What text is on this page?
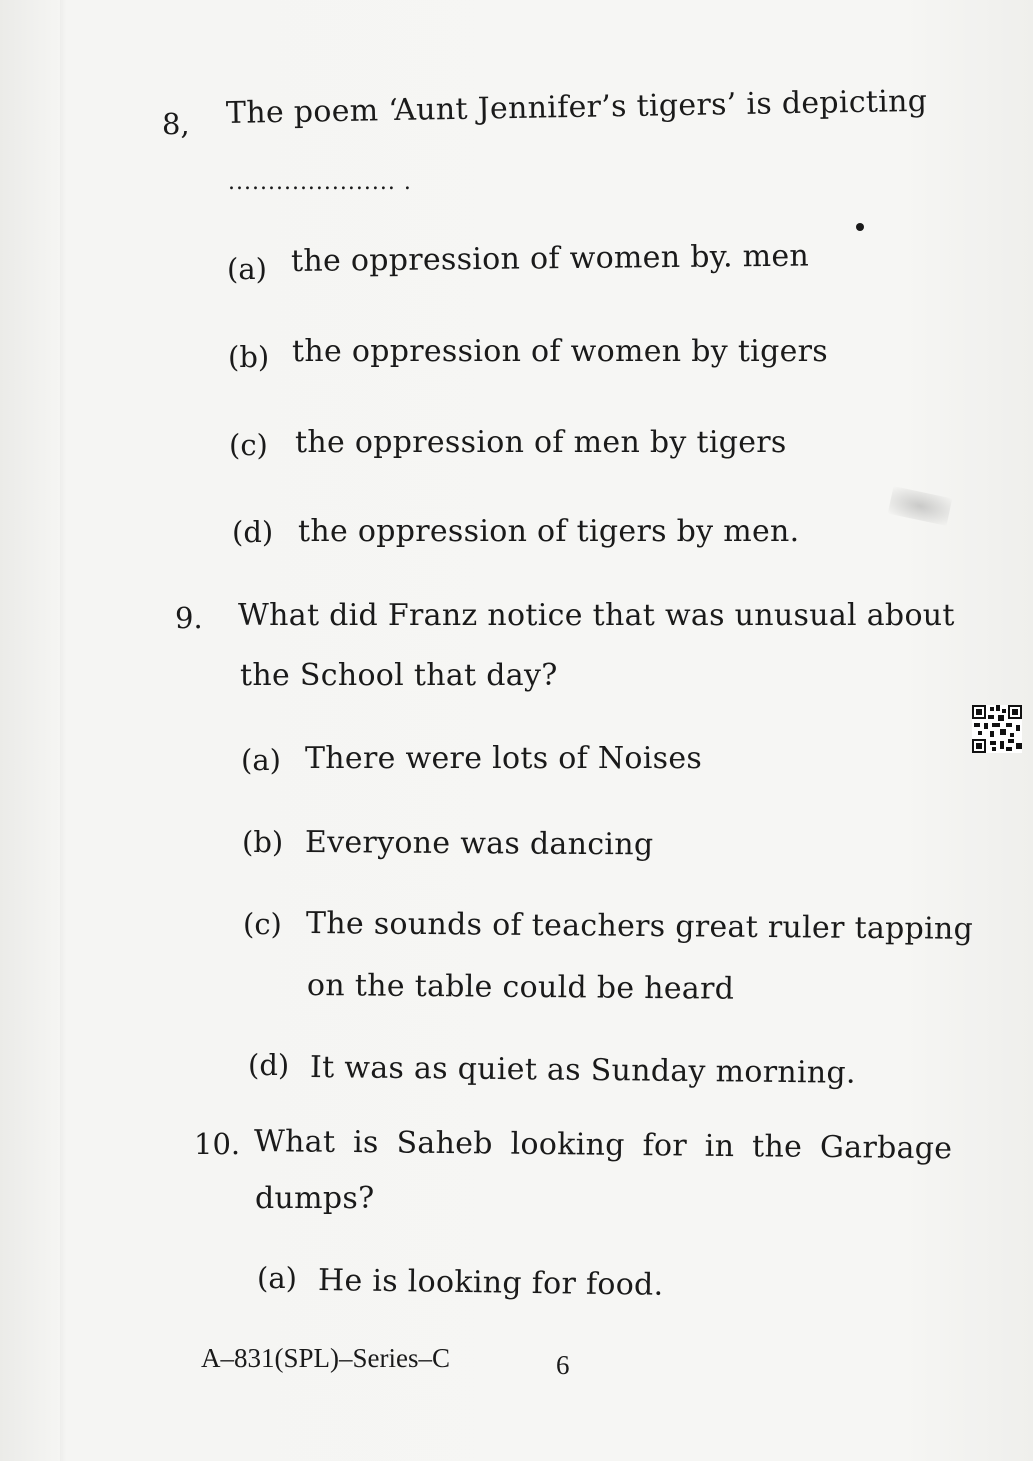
8, The poem ‘Aunt Jennifer’s tigers’ is depicting
..................... .
(a) the oppression of women by. men
(b) the oppression of women by tigers
(c) the oppression of men by tigers
(d) the oppression of tigers by men.
9. What did Franz notice that was unusual about
the School that day?
(a) There were lots of Noises
(b) Everyone was dancing
(c) The sounds of teachers great ruler tapping
on the table could be heard
(d) It was as quiet as Sunday morning.
10. What is Saheb looking for in the Garbage
dumps?
(a) He is looking for food.
A–831(SPL)–Series–C	6
